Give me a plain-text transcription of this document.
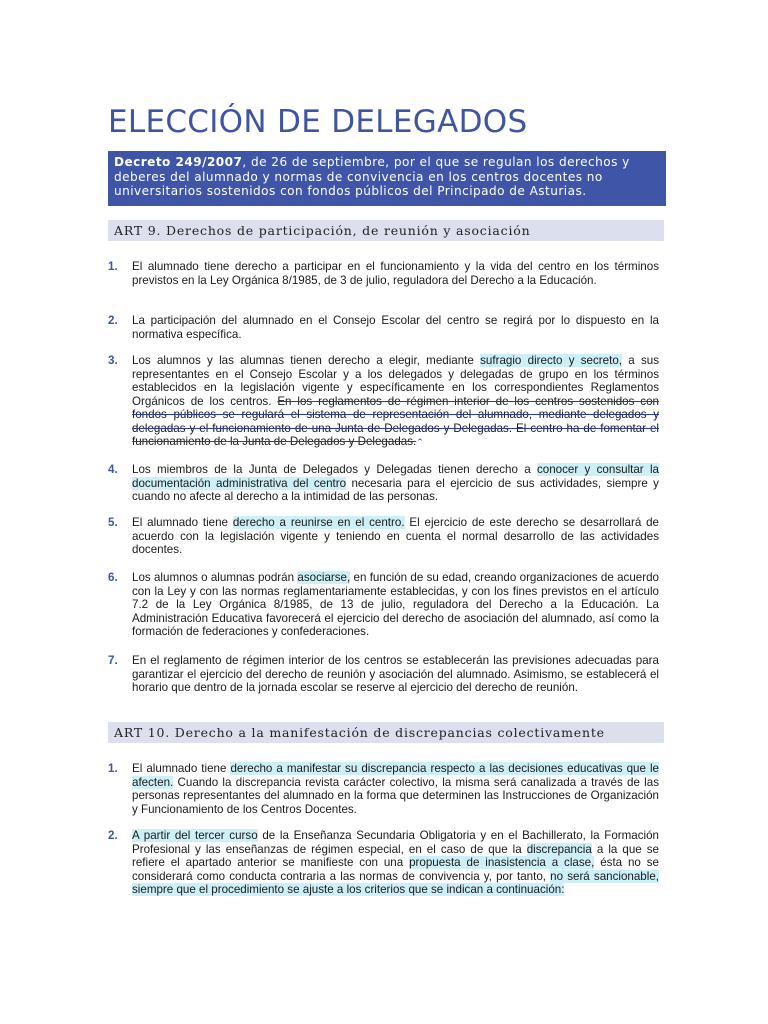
ELECCIÓN DE DELEGADOS
Decreto 249/2007, de 26 de septiembre, por el que se regulan los derechos y deberes del alumnado y normas de convivencia en los centros docentes no universitarios sostenidos con fondos públicos del Principado de Asturias.
ART 9. Derechos de participación, de reunión y asociación
1.	El alumnado tiene derecho a participar en el funcionamiento y la vida del centro en los términos previstos en la Ley Orgánica 8/1985, de 3 de julio, reguladora del Derecho a la Educación.
2.	La participación del alumnado en el Consejo Escolar del centro se regirá por lo dispuesto en la normativa específica.
3.	Los alumnos y las alumnas tienen derecho a elegir, mediante sufragio directo y secreto, a sus representantes en el Consejo Escolar y a los delegados y delegadas de grupo en los términos establecidos en la legislación vigente y específicamente en los correspondientes Reglamentos Orgánicos de los centros. En los reglamentos de régimen interior de los centros sostenidos con fondos públicos se regulará el sistema de representación del alumnado, mediante delegados y delegadas y el funcionamiento de una Junta de Delegados y Delegadas. El centro ha de fomentar el funcionamiento de la Junta de Delegados y Delegadas.⌃
4.	Los miembros de la Junta de Delegados y Delegadas tienen derecho a conocer y consultar la documentación administrativa del centro necesaria para el ejercicio de sus actividades, siempre y cuando no afecte al derecho a la intimidad de las personas.
5.	El alumnado tiene derecho a reunirse en el centro. El ejercicio de este derecho se desarrollará de acuerdo con la legislación vigente y teniendo en cuenta el normal desarrollo de las actividades docentes.
6.	Los alumnos o alumnas podrán asociarse, en función de su edad, creando organizaciones de acuerdo con la Ley y con las normas reglamentariamente establecidas, y con los fines previstos en el artículo 7.2 de la Ley Orgánica 8/1985, de 13 de julio, reguladora del Derecho a la Educación. La Administración Educativa favorecerá el ejercicio del derecho de asociación del alumnado, así como la formación de federaciones y confederaciones.
7.	En el reglamento de régimen interior de los centros se establecerán las previsiones adecuadas para garantizar el ejercicio del derecho de reunión y asociación del alumnado. Asimismo, se establecerá el horario que dentro de la jornada escolar se reserve al ejercicio del derecho de reunión.
ART 10. Derecho a la manifestación de discrepancias colectivamente
1.	El alumnado tiene derecho a manifestar su discrepancia respecto a las decisiones educativas que le afecten. Cuando la discrepancia revista carácter colectivo, la misma será canalizada a través de las personas representantes del alumnado en la forma que determinen las Instrucciones de Organización y Funcionamiento de los Centros Docentes.
2.	A partir del tercer curso de la Enseñanza Secundaria Obligatoria y en el Bachillerato, la Formación Profesional y las enseñanzas de régimen especial, en el caso de que la discrepancia a la que se refiere el apartado anterior se manifieste con una propuesta de inasistencia a clase, ésta no se considerará como conducta contraria a las normas de convivencia y, por tanto, no será sancionable, siempre que el procedimiento se ajuste a los criterios que se indican a continuación:
